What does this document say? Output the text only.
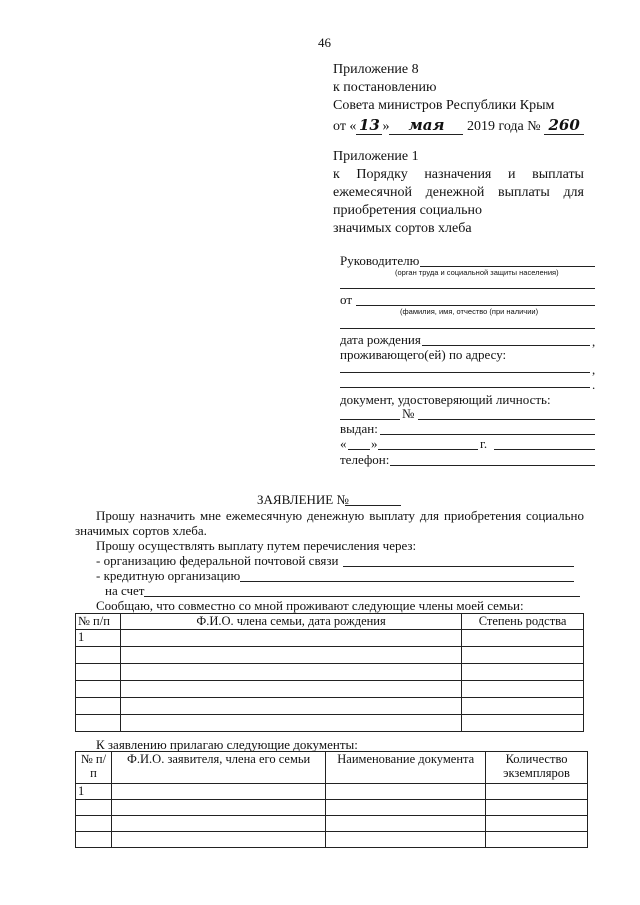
46
Приложение 8
к постановлению
Совета министров Республики Крым
от « 13 » мая 2019 года № 260
Приложение 1
к Порядку назначения и выплаты
ежемесячной денежной выплаты для
приобретения социально
значимых сортов хлеба
Руководителю
(орган труда и социальной защиты населения)
от
(фамилия, имя, отчество (при наличии)
дата рождения	,
проживающего(ей) по адресу:
,
.
документ, удостоверяющий личность:
№
выдан:
« »	г.
телефон:
ЗАЯВЛЕНИЕ №
Прошу назначить мне ежемесячную денежную выплату для приобретения социально
значимых сортов хлеба.
Прошу осуществлять выплату путем перечисления через:
- организацию федеральной почтовой связи
- кредитную организацию
на счет
Сообщаю, что совместно со мной проживают следующие члены моей семьи:
№ п/п	Ф.И.О. члена семьи, дата рождения	Степень родства
1		

К заявлению прилагаю следующие документы:
№ п/п	Ф.И.О. заявителя, члена его семьи	Наименование документа	Количество экземпляров
1			
